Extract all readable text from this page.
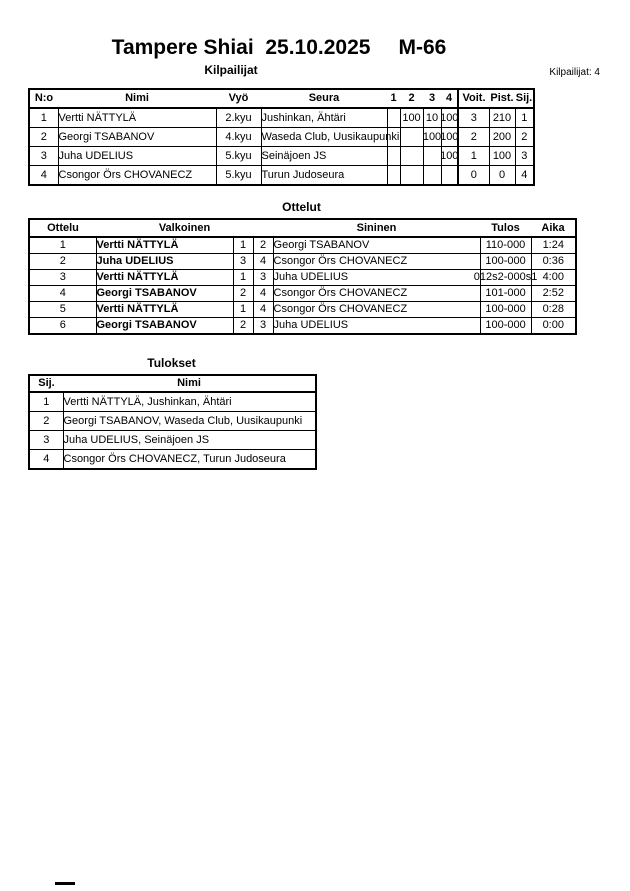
Tampere Shiai  25.10.2025 M-66
Kilpailijat	Kilpailijat: 4
N:o	Nimi	Vyö	Seura	1	2	3	4	Voit.	Pist.	Sij.
1	Vertti NÄTTYLÄ	2.kyu	Jushinkan, Ähtäri		100	10	100	3	210	1
2	Georgi TSABANOV	4.kyu	Waseda Club, Uusikaupunki			100	100	2	200	2
3	Juha UDELIUS	5.kyu	Seinäjoen JS				100	1	100	3
4	Csongor Örs CHOVANECZ	5.kyu	Turun Judoseura					0	0	4
Ottelut
Ottelu	Valkoinen			Sininen	Tulos	Aika
1	Vertti NÄTTYLÄ	1	2	Georgi TSABANOV	110-000	1:24
2	Juha UDELIUS	3	4	Csongor Örs CHOVANECZ	100-000	0:36
3	Vertti NÄTTYLÄ	1	3	Juha UDELIUS	012s2-000s1	4:00
4	Georgi TSABANOV	2	4	Csongor Örs CHOVANECZ	101-000	2:52
5	Vertti NÄTTYLÄ	1	4	Csongor Örs CHOVANECZ	100-000	0:28
6	Georgi TSABANOV	2	3	Juha UDELIUS	100-000	0:00
Tulokset
Sij.	Nimi
1	Vertti NÄTTYLÄ, Jushinkan, Ähtäri
2	Georgi TSABANOV, Waseda Club, Uusikaupunki
3	Juha UDELIUS, Seinäjoen JS
4	Csongor Örs CHOVANECZ, Turun Judoseura
